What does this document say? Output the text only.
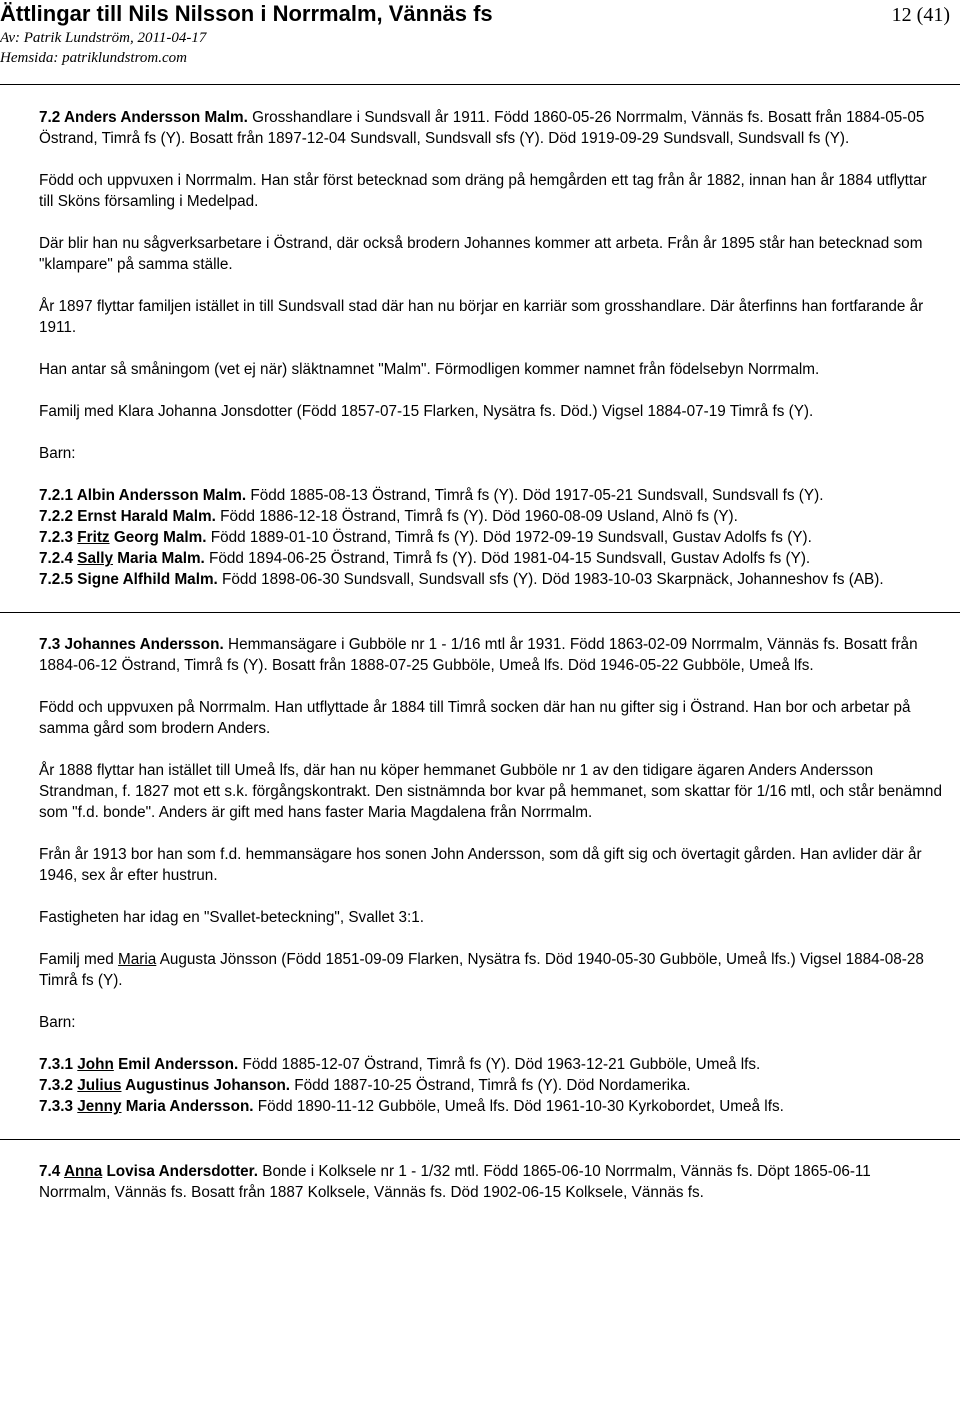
Ättlingar till Nils Nilsson i Norrmalm, Vännäs fs	12 (41)
Av: Patrik Lundström, 2011-04-17
Hemsida: patriklundstrom.com

7.2 Anders Andersson Malm. Grosshandlare i Sundsvall år 1911. Född 1860-05-26 Norrmalm, Vännäs fs. Bosatt från 1884-05-05 Östrand, Timrå fs (Y). Bosatt från 1897-12-04 Sundsvall, Sundsvall sfs (Y). Död 1919-09-29 Sundsvall, Sundsvall fs (Y).

Född och uppvuxen i Norrmalm. Han står först betecknad som dräng på hemgården ett tag från år 1882, innan han år 1884 utflyttar till Sköns församling i Medelpad.

Där blir han nu sågverksarbetare i Östrand, där också brodern Johannes kommer att arbeta. Från år 1895 står han betecknad som "klampare" på samma ställe.

År 1897 flyttar familjen istället in till Sundsvall stad där han nu börjar en karriär som grosshandlare. Där återfinns han fortfarande år 1911.

Han antar så småningom (vet ej när) släktnamnet "Malm". Förmodligen kommer namnet från födelsebyn Norrmalm.

Familj med Klara Johanna Jonsdotter (Född 1857-07-15 Flarken, Nysätra fs. Död.) Vigsel 1884-07-19 Timrå fs (Y).

Barn:

7.2.1 Albin Andersson Malm. Född 1885-08-13 Östrand, Timrå fs (Y). Död 1917-05-21 Sundsvall, Sundsvall fs (Y).

7.2.2 Ernst Harald Malm. Född 1886-12-18 Östrand, Timrå fs (Y). Död 1960-08-09 Usland, Alnö fs (Y).

7.2.3 Fritz Georg Malm. Född 1889-01-10 Östrand, Timrå fs (Y). Död 1972-09-19 Sundsvall, Gustav Adolfs fs (Y).

7.2.4 Sally Maria Malm. Född 1894-06-25 Östrand, Timrå fs (Y). Död 1981-04-15 Sundsvall, Gustav Adolfs fs (Y).

7.2.5 Signe Alfhild Malm. Född 1898-06-30 Sundsvall, Sundsvall sfs (Y). Död 1983-10-03 Skarpnäck, Johanneshov fs (AB).

7.3 Johannes Andersson. Hemmansägare i Gubböle nr 1 - 1/16 mtl år 1931. Född 1863-02-09 Norrmalm, Vännäs fs. Bosatt från 1884-06-12 Östrand, Timrå fs (Y). Bosatt från 1888-07-25 Gubböle, Umeå lfs. Död 1946-05-22 Gubböle, Umeå lfs.

Född och uppvuxen på Norrmalm. Han utflyttade år 1884 till Timrå socken där han nu gifter sig i Östrand. Han bor och arbetar på samma gård som brodern Anders.

År 1888 flyttar han istället till Umeå lfs, där han nu köper hemmanet Gubböle nr 1 av den tidigare ägaren Anders Andersson Strandman, f. 1827 mot ett s.k. förgångskontrakt. Den sistnämnda bor kvar på hemmanet, som skattar för 1/16 mtl, och står benämnd som "f.d. bonde". Anders är gift med hans faster Maria Magdalena från Norrmalm.

Från år 1913 bor han som f.d. hemmansägare hos sonen John Andersson, som då gift sig och övertagit gården. Han avlider där år 1946, sex år efter hustrun.

Fastigheten har idag en "Svallet-beteckning", Svallet 3:1.

Familj med Maria Augusta Jönsson (Född 1851-09-09 Flarken, Nysätra fs. Död 1940-05-30 Gubböle, Umeå lfs.) Vigsel 1884-08-28 Timrå fs (Y).

Barn:

7.3.1 John Emil Andersson. Född 1885-12-07 Östrand, Timrå fs (Y). Död 1963-12-21 Gubböle, Umeå lfs.

7.3.2 Julius Augustinus Johanson. Född 1887-10-25 Östrand, Timrå fs (Y). Död Nordamerika.

7.3.3 Jenny Maria Andersson. Född 1890-11-12 Gubböle, Umeå lfs. Död 1961-10-30 Kyrkobordet, Umeå lfs.

7.4 Anna Lovisa Andersdotter. Bonde i Kolksele nr 1 - 1/32 mtl. Född 1865-06-10 Norrmalm, Vännäs fs. Döpt 1865-06-11 Norrmalm, Vännäs fs. Bosatt från 1887 Kolksele, Vännäs fs. Död 1902-06-15 Kolksele, Vännäs fs.
